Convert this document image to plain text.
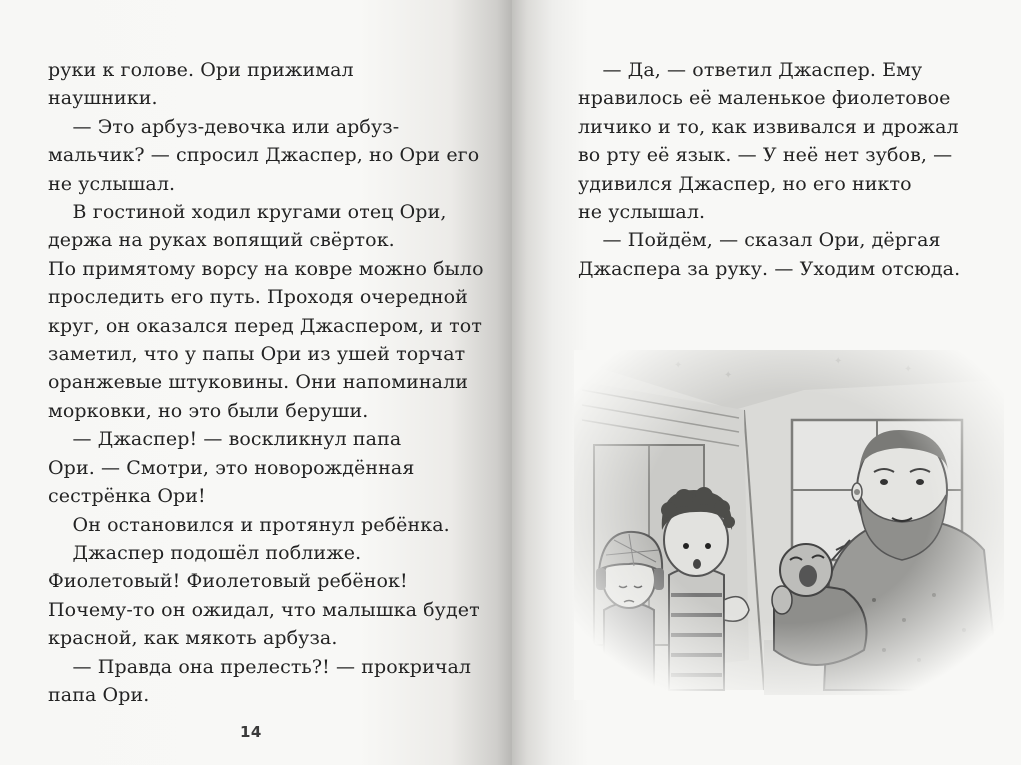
руки к голове. Ори прижимал
наушники.

— Это арбуз-девочка или арбуз-
мальчик? — спросил Джаспер, но Ори его
не услышал.

В гостиной ходил кругами отец Ори,
держа на руках вопящий свёрток.
По примятому ворсу на ковре можно было
проследить его путь. Проходя очередной
круг, он оказался перед Джаспером, и тот
заметил, что у папы Ори из ушей торчат
оранжевые штуковины. Они напоминали
морковки, но это были беруши.

— Джаспер! — воскликнул папа
Ори. — Смотри, это новорождённая
сестрёнка Ори!

Он остановился и протянул ребёнка.

Джаспер подошёл поближе.
Фиолетовый! Фиолетовый ребёнок!
Почему-то он ожидал, что малышка будет
красной, как мякоть арбуза.

— Правда она прелесть?! — прокричал
папа Ори.

14

— Да, — ответил Джаспер. Ему
нравилось её маленькое фиолетовое
личико и то, как извивался и дрожал
во рту её язык. — У неё нет зубов, —
удивился Джаспер, но его никто
не услышал.

— Пойдём, — сказал Ори, дёргая
Джаспера за руку. — Уходим отсюда.
